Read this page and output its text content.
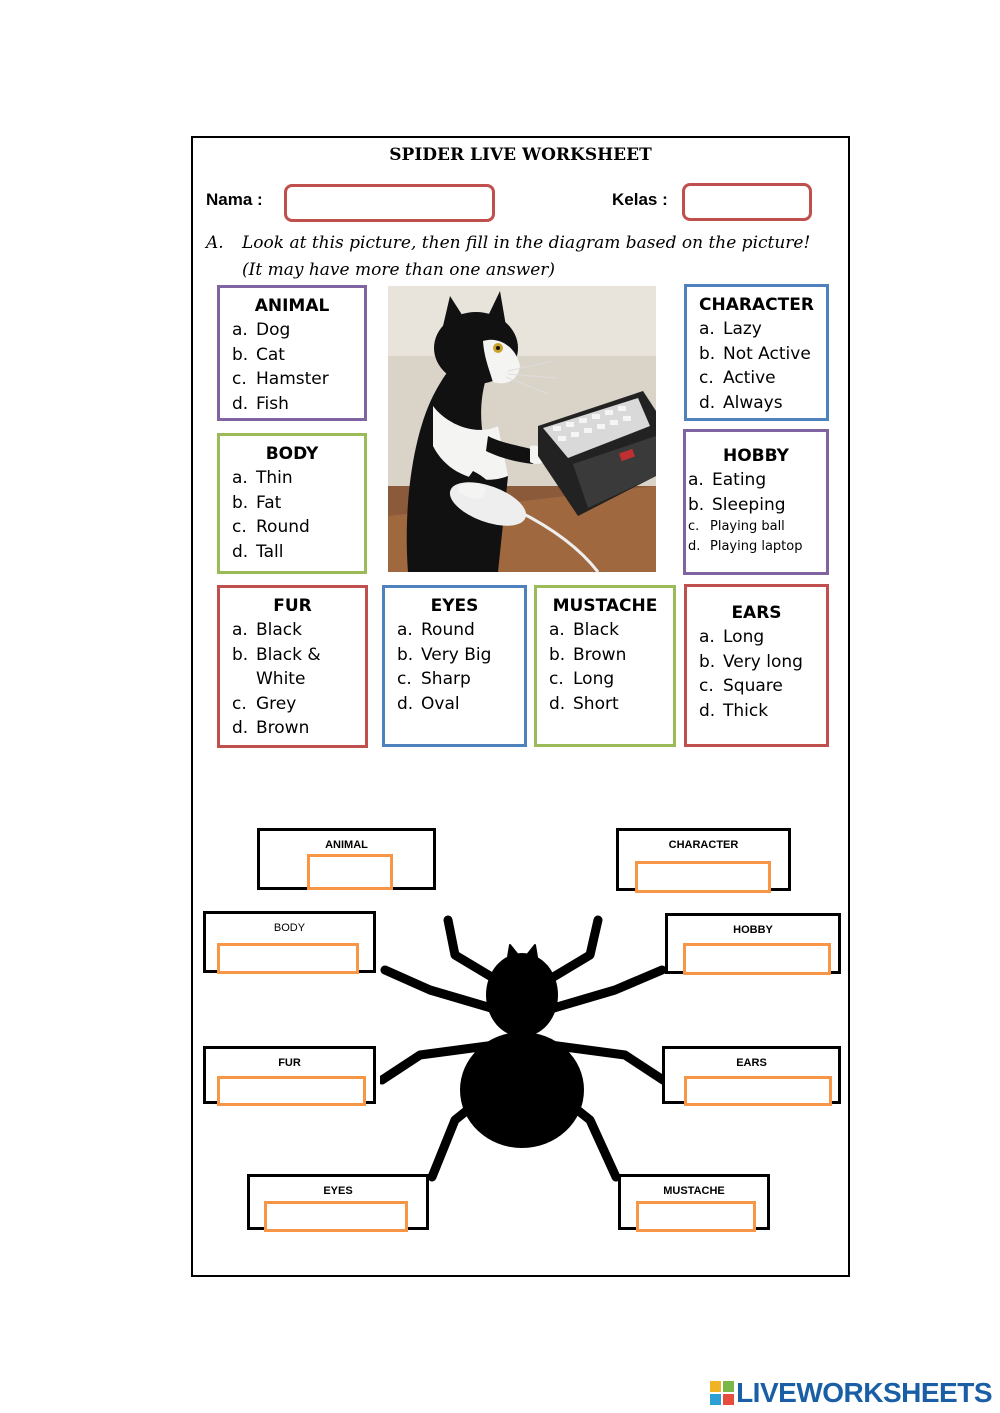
SPIDER LIVE WORKSHEET
Nama :	Kelas :
A. Look at this picture, then fill in the diagram based on the picture!
(It may have more than one answer)
ANIMAL
a. Dog
b. Cat
c. Hamster
d. Fish
CHARACTER
a. Lazy
b. Not Active
c. Active
d. Always
BODY
a. Thin
b. Fat
c. Round
d. Tall
HOBBY
a. Eating
b. Sleeping
c. Playing ball
d. Playing laptop
FUR
a. Black
b. Black &
White
c. Grey
d. Brown
EYES
a. Round
b. Very Big
c. Sharp
d. Oval
MUSTACHE
a. Black
b. Brown
c. Long
d. Short
EARS
a. Long
b. Very long
c. Square
d. Thick
ANIMAL	CHARACTER
BODY	HOBBY
FUR	EARS
EYES	MUSTACHE
LIVEWORKSHEETS
